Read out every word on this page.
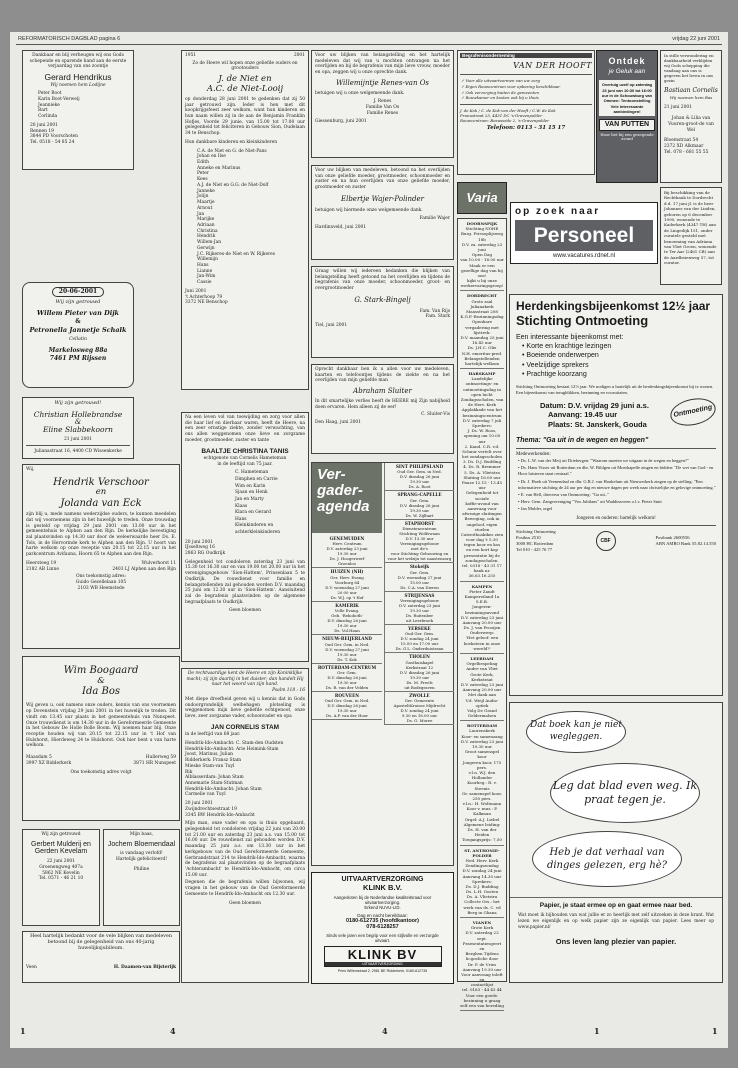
REFORMATORISCH DAGBLAD pagina 6	vrijdag 22 juni 2001

Dankbaar en blij verheugen wij ons Gods schepende en sparende hand aan de eerste verjaardag van ons zoontje

Gerard Hendrikus

Wij noemen hem Lodijne

Peter Boot
Karin Boot-Verweij
Jeannieke
Bart
Corlinda

20 juni 2001

Rennen 19
3844 PD Voorschoten
Tel. 0518 - 54 85 24

20-06-2001

Wij zijn getrouwd

Willem Pieter van Dijk

&

Petronella Jannetje Schalk

Cellatin

Markelosweg 88a

7461 PM Rijssen

Wij zijn getrouwd!

Christian Hollebrandse

&

Eline Slabbekoorn

21 juni 2001

Julianastraat 16, 4400 CD Wissenkerke

Wij,

Hendrik Verschoor

en

Jolanda van Eck

zijn blij u, mede namens wederzijdse ouders, te kunnen meedelen dat wij voornemens zijn in het huwelijk te treden. Onze trouwdag is gesteld op vrijdag 29 juni 2001 om 13.00 uur in het gemeentehuis te Alphen aan den Rijn. De kerkelijke bevestiging zal plaatsvinden op 14.30 uur door de weleerwaarde heer Ds. E. Tols, in de Hervormde kerk te Alphen aan den Rijn. U hoort van harte welkom op onze receptie van 20.15 tot 22.15 uur in het parkcentrum Avifauna, Hoorn 65 te Alphen aan den Rijn.

Heersteeg 19
2182 AB Linne

Wulverhorst 11
2403 LJ Alphen aan den Rijn

Ons toekomstig adres:
Guido Gezellelaan 105
2103 WB Heemstede

Wim Boogaard

&

Ida Bos

Wij geven u, ook namens onze ouders, kennis van ons voornemen op Dovenstein vrijdag 29 juni 2001 in het huwelijk te treden. Dit vindt om 13.45 uur plaats in het gemeentehuis van Nunspeet. Onze trouwdienst is om 14.30 uur in de Gereformeerde Gemeente in het Gebouw De Holle Bolle Boom. Wij noemen haar blij. Onze receptie houden wij van 20.15 tot 22.15 uur in 't Hof van Hulshorst, Hierdeweg 24 te Hulshorst. Ook hier bent u van harte welkom.

Maasdam 5
3997 XZ Ridderkerk

Hullerweg 59
3871 HR Nunspeet

Ons toekomstig adres volgt

Wij zijn getrouwd

Gerbert Mulderij en Gerden Kevelam

22 juni 2001

Groenengweg 407a
5862 NE Kevelin
Tel. 0571 - 46 21 10

Mijn baas,

Jochem Bloemendaal

is vandaag verlofd!
Hartelijk gefeliciteerd!

Philine

Heel hartelijk bedankt voor de vele blijken van medeleven betoond bij de gelegenheid van ons 40-jarig huwelijksjubileum.

Veen	H. Daamen-van Bijsterijk

1951	2001

Zo de Heere wil hopen onze geliefde ouders en grootouders

J. de Niet en

A.C. de Niet-Looij

op donderdag 28 juni 2001 te gedenken dat zij 50 jaar getrouwd zijn. Ieder is hen met dit koopkrijgsfeest zeer welkom, want hun kinderen en hun naam willen zij in de aan de Benjamin Franklin Hofjes, Voorde 29 junie, van 15.00 tot 17.00 uur gelegenheid tot feliciteren in Gebouw Sion, Oudelaan 34 te Benschop.

Hun dankbare kinderen en kleinkinderen

C.A. de Niet en G. de Niet-Pans
Johan en Ilse
Edith
Anneke en Marinus
Peter
Kees
A.J. de Niet en G.G. de Niet-Dolf
Janneke
Jolijn
Maartje
Arnout
Jan
Marijke
Adriaan
Christina
Hendrik
Willem-Jan
Gerwijn
J.C. Rijkeres-de Niet en W. Rijkeres
Willemijn
Hans
Lianne
Jan-Wim
Cassie

Juni 2001
't Achterhoop 79
3372 NE Benschop

Na een leven vol van toewijding en zorg voor allen die haar lief en dierbaar waren, heeft de Heere, na een zeer ernstige ziekte, zonder verwachting, van ons allen weggenomen onze lieve en zorgzame moeder, grootmoeder, zuster en tante

BAALTJE CHRISTINA TANIS

echtgenote van Cornelis Hameteman

in de leeftijd van 75 jaar.

C. Hameteman
Dimphen en Carrie
Wim en Karin
Sjaan en Henk
Jan en Marty
Klaas
Klara en Gerard
Hans
Kleinkinderen en achterkleinkinderen

20 juni 2001
IJsseltweg 16
2863 RG Oudkrijk

Gelegenheid tot condoleren zaterdag 23 juni van 15.30 tot 16.30 uur en van 19.00 tot 20.00 uur in het verenigingsgebouw 'Sion-Hattem', Prinsenlaan 5 te Oudkrijk. De rouwdienst voor familie en belangstellenden zal gehouden worden D.V. maandag 25 juni om 12.30 uur in 'Sion-Hattem'. Aansluitend zal de begrafenis plaatsvinden op de algemene begraafplaats te Oudkrijk.

Geen bloemen

De rechtvaardige kent de Heere en zijn Koninklijke macht; zij zijn daarbij in het duister; dan handelt Hij naar het woord van zijn hand.

Psalm 118 : 16

Met diepe droefheid geven wij u kennis dat in Gods ondoorgrondelijk welbehagen plotseling is weggenomen mijn lieve geliefde echtgenoot, onze lieve, zeer zorgzame vader, schoonvader en opa

JAN CORNELIS STAM

in de leeftijd van 68 jaar.

Hendrik-Ido-Ambacht: C. Stam-den Oudsten
Hendrik-Ido-Ambacht: Arie Heimink-Stam
Joost, Marinus, Julian
Ridderkerk: Fransz Stam
Mieske Stam-van Tuyl
Rik
Alblasserdam: Johan Stam
Annemarie Stam-Stutman
Hendrik-Ido-Ambacht: Johan Stam
Carmelie van Tuyl

20 juni 2001
Zwijndrechtsestraat 19
3345 BW Hendrik-Ido-Ambacht

Mijn man, onze vader en opa is thuis opgebaard, gelegenheid tot condoleren vrijdag 22 juni van 20.00 tot 21.00 uur en zaterdag 23 juni a.s. van 15.00 tot 16.00 uur. De rouwdienst zal gehouden worden D.V. maandag 25 juni a.s. om 13.30 uur in het kerkgebouw van de Oud Gereformeerde Gemeente, Gerbrandstraat 214 te Hendrik-Ido-Ambacht, waarna de begrafenis zal plaatsvinden op de begraafplaats 'Achterambacht' te Hendrik-Ido-Ambacht, om circa 15.00 uur.

Degenen die de begrafenis willen bijwonen, wij vragen in het gebouw van de Oud Gereformeerde Gemeente te Hendrik-Ido-Ambacht om 12.30 uur.

Geen bloemen

Voor uw blijken van belangstelling en het hartelijk medeleven dat wij van u mochten ontvangen na het overlijden en bij de begrafenis van mijn lieve vrouw, moeder en opa, zeggen wij u onze oprechte dank.

Willemijntje Renes-van Os

betuigen wij u onze welgemeende dank.

J. Renes
Familie Van Os
Familie Renes

Giessenburg, juni 2001

Voor uw blijken van medeleven, betoond na het overlijden van onze geliefde moeder, grootmoeder, schoonmoeder en zuster en na hun overlijden van onze geliefde moeder, grootmoeder en zuster

Elbertje Wajer-Polinder

betuigen wij hiermede onze welgemeende dank.

Familie Wajer

Hardinxveld, juni 2001

Graag willen wij iedereen bedanken die blijken van belangstelling heeft getoond na het overlijden en tijdens de begrafenis van onze moeder, schoonmoeder, groot- en overgrootmoeder

G. Stark-Bingelj

Fam. Van Rijs
Fam. Stark

Tiel, juni 2001

Oprecht dankbaar ben ik u allen voor uw medeleven, kaarten en telefoontjes tijdens de ziekte en na het overlijden van mijn geliefde man

Abraham Sluiter

In dit smartelijke verlies heeft de HEERE mij Zijn nabijheid doen ervaren. Hem alleen zij de eer!

C. Sluiter-Vis

Den Haag, juni 2001

Ver-
gader-
agenda
GENEMUIDEN
Herv. Centrum
D.V. zaterdag 23 juni
19.30 uur
Ds. J. Hoogerwerf
Groenloo
HUIZEN (NH)
Ger. Herv. Evang
Voorburg 64
D.V. woensdag 27 juni
20.00 uur
Ds. W.J. op 't Hof
KAMERIK
Volle Evang.
Geb. 'Rehoboth'
D.V. dinsdag 26 juni
19.30 uur
Ds. Vol.Haan
NIEUW-BEIJERLAND
Oud Ger. Gem. in Ned.
D.V. woensdag 27 juni
19.30 uur
Ds. T. Kok
ROTTERDAM-CENTRUM
Ger. Gem.
D.V. dinsdag 26 juni
19.30 uur
Ds. R. van der Velden
ROUVEEN
Oud Ger. Gem. in Ned.
D.V. dinsdag 26 juni
19.30 uur
Ds. A.P. van der Hoor
SINT PHILIPSLAND
Oud Ger. Gem. in Ned.
D.V. dinsdag 26 juni
19.30 uur
Ds. A. Root
SPRANG-CAPELLE
Ger. Gem.
D.V. dinsdag 26 juni
19.30 uur
Ds. W. Zijlbart
STAPHORST
Dienstencentrum
Stichting Wolfswaan
D.V. 13.30 uur
Verenigingsgebouw
met de's
voor Stichting Gebouwing en voor het welzijn tot naastenzorg
Stokeijk
Ger. Gem.
D.V. woensdag 27 juni
15.00 uur
Ds. C.A. van Dieren
STRIJENSAS
Verenigingsgebouw
D.V. zaterdag 23 juni
19.30 uur
Ds. Ruitenber
uit Leerbroek
YERSEKE
Oud Ger. Gem.
D.V. zondag 24 juni
15.00 en 17.00 uur
Ds. G.L. Onderduistraan
THOLEN
Gasthuiskapel
Kerkstraat 12
D.V. dinsdag 26 juni
19.30 uur
Ds. M. Preels
uit Bodegraven
ZWOLLE
Ger. Gemeente
AposteltKruisse Mijdrecht
D.V. zondag 24 juni
9.30 en 18.00 uur
Ds. G. Moree

UITVAARTVERZORGING

KLINK B.V.

Aangesloten bij de Nederlandse kwaliteitsraad voor uitvaartverzorging.
Erkend NUVU-LID.

Dag en nacht bereikbaar:

0180-612735 (hoofdkantoor)

078-6128257

Sinds vele jaren een begrip voor een stijlvolle en verzorgde uitvaart.

KLINK BV

UITVAARTVERZORGING

Prins Willemstraat 2, 2981 BE Ridderkerk, 0180-612735

Begrafenisonderneming

VAN DER HOOFT

✓ Voor alle uitvaartvormen van uw zorg
✓ Eigen Rouwcentrum voor opbaring beschikbaar
✓ Ook verzorging buiten de gemeenten
✓ Rouwkamer en kosten ook bij u thuis

J. de Kok / C. de Kok-van der Hooft / C.W. de Kok

Prunustraat 25, 4431 DC 's-Gravenpolder

Rouwcentrum: Bosweeide 2, 's-Gravenpolder

Telefoon: 0113 - 31 15 17

Ontdek

je Geluk aan

Overtuig uzelf op zaterdag 23 juni van 10:30 tot 16:00 uur in de Schouwburg van Ommen: Tentoonstelling Vele Interessante aanbiedingen!
VAN PUTTEN

Hoor het bij een gezegende avond

In stille verwondering en dankbaarheid verblijden wij Gods schepping die vandaag aan ons is gegeven het leven in ons gezin

Bastiaan Cornelis

Wij noemen hem Bas

21 juni 2001

Johan & Lilia van Vuuren-groot-de van Wel

Bloemstraat 54
2372 XD Alkmaar
Tel. 078 - 681 55 55

Bij beschikking van de Rechtbank te Dordrecht d.d. 17 juni jl. is de heer Johannes van der Linden, geboren op 6 december 1990, wonende te Kaderkerk (4347 TH) aan de Lingedijk 151, onder curatele gesteld met benoeming van Adriana van Vliet Groen, wonende te Ter Aar (2461 CB) aan de Aardbeienweg 57, tot curator.

Varia
DOORNSPIJK
Stichting NOHE
Burg. Friesoplijsweg 18b
D.V. za. zaterdag 23 juni
Open Dag
van 10.00 - 16.00 uur
Maak er een gezellige dag van bij ons!
kijkt u bij onze werkervaringsgroep!
DORDRECHT
Grote zaal Julianakerk
Maasstraat 208
K.G.F.-Bezinningsdag
Openbare vergadering met lijsttrek:
D.V. maandag 25 juni
16.45 uur
Ds. J.H.C. Olie
N.H. emeritus-pred.
Belangstellenden
hartelijk welkom
HARSKAMP
Landelijke ontmoetings- en ontmoetingsdag in open lucht
Zondagsscholen, van de Herv. Kerk
Applakkade van het bezinningscentrum
D.V. zaterdag 7 juli
Sprekers:
J. Ds. W. Roos, opening om 10.00 uur
2. Kand. C.R. v.d. Schuur vertelt over het zondagsscholen
3. Ds. D.J. Budding
4. Ds. R. Bremmer
5. Ds. A. Vlietstra
Sluiting 16.00 uur
Pauze 12.15 - 13.45 uur
Gelegenheid tot sociale
koffie-avond van aanvraag voor
afwezige sluitingen
Beweging, ook in ongeloof, eigen stoelen
Cateeithoakikes zien
voor dag 't 5.30
tegen koor en kos
en een kort kop
presentatie bij de
zondagsscholen.
tel. 0318 - 43 31 17
bank nr. 36.63.16.255
KAMPEN
Pieter Zandt
Kampereiland 1a
S.E.B.
Jongeren-
bezinningsavond
D.V. zaterdag 23 juni
Aanvang 20.00 uur
Ds. J. van Prooijen
Onderwerp:
'Het geloof: een hoeksteen in onze wereld?'
LEERDAM
Orgelbespeling
Andre van Vliet
Grote Kerk, Kerkstraat
D.V. zaterdag 23 juni
Aanvang 20.00 uur
Met dank aan
V.d. Weijl Audio-optiek
Volg De Grand
Geldermalsen
ROTTERDAM
Laurenskerk
Koor- en samenzang
D.V. zaterdag 23 juni
19.30 uur
Groot samenspel koor
Jongeren koor, 175 pers.
v.l.n. W.J. den Hollander
Koorbeg.: R. v. Steenis
Gr. samenspel koor, 250 pers.
v.l.n.: H. Woltmann
Koor v. muz.: P. Kalkman
Orgel: A.J. Liebel
Algemene leiding:
Ds. H. van der Heiden
Toegangsprijs: 7,50
ST. ANTHONIE-POLDER
Ned. Herv. Kerk
Zendingszondag
D.V. zondag 24 juni
Aanvang 14.30 uur
Sprekers:
Ds. D.J. Budding
Ds. L.H. Oosten
Ds. A. Vlietstra
Collecte Ors.: het werk van ds. C. vd Berg in Ghana
VIANEN
Grote Kerk
D.V. zaterdag 23 sept.
Praesentatiesgeert en
Berghen Tijdens
licgoeliche door
Dr. P. de Vries
Aanvang 19.30 uur
Voor aanvraag toleft en
contactlijst
tel. 0183 - 44 43 44
Voor een goeds-
bezinning u graag
zelf een van bereding
op zoek naar
Personeel

www.vacatures.rdnet.nl

Herdenkingsbijeenkomst 12½ jaar

Stichting Ontmoeting

Een interessante bijeenkomst met:

• Korte en krachtige lezingen
• Boeiende onderwerpen
• Veelzijdige sprekers
• Prachtige koorzang

Stichting Ontmoeting bestaat 12½ jaar. We nodigen u hartelijk uit de herdenkingsbijeenkomst bij te wonen. Een bijeenkomst van terugblikken, bezinning en vooruitzien.

Datum: D.V. vrijdag 29 juni a.s.

Aanvang: 19.45 uur

Plaats: St. Janskerk, Gouda

Ontmoeting

Thema: "Ga uit in de wegen en heggen"

Medewerkenden:

• Ds. L.W. van der Meij uit Driebergen: "Waarom moeten we uitgaan in de wegen en heggen?"
• Ds. Hans Visser uit Rotterdam en dhr. W. Bildgen uit Moerkapelle zingen en bidden: "De wet van God - en Hoor luisteren staat centraal."
• Dr. J. Hoek uit Veenendaal en dhr. G.R.J. van Houkelum uit Nieuwerkerk zingen op de stelling: "Een informatieve stichting de 24 uur per dag en nieuwe dagen per week naar christelijke en gelovige ontmoeting."
• E. van Hell, directeur van Ontmoeting: "Ga uit.."
• Herv. Gem. Zangvereniging "Vox Jubilans" uit Waddinxveen o.l.v. Pieter Smit
• Jan Mulder, orgel

Jongeren en ouderen: hartelijk welkom!

Stichting Ontmoeting
Postbus 2510
3000 HC Rotterdam
Tel 010 - 425 76 77

CBF

Postbank 2600556
ABN AMRO Bank 55.82.14.550

Dat boek kan je niet wegleggen.
Leg dat blad even weg. Ik praat tegen je.
Heb je dat verhaal van dinges gelezen, erg hè?

Papier, je staat ermee op en gaat ermee naar bed.

Wat moet ik bijhouden van wat jullie er zo heerlijk met zelf uitzoeken in deze krant. Wat lezen we eigenlijk en op welk papier zijn ze eigenlijk van papier. Lees meer op www.papier.nl/

Ons leven lang plezier van papier.

1	4	4	1	1
